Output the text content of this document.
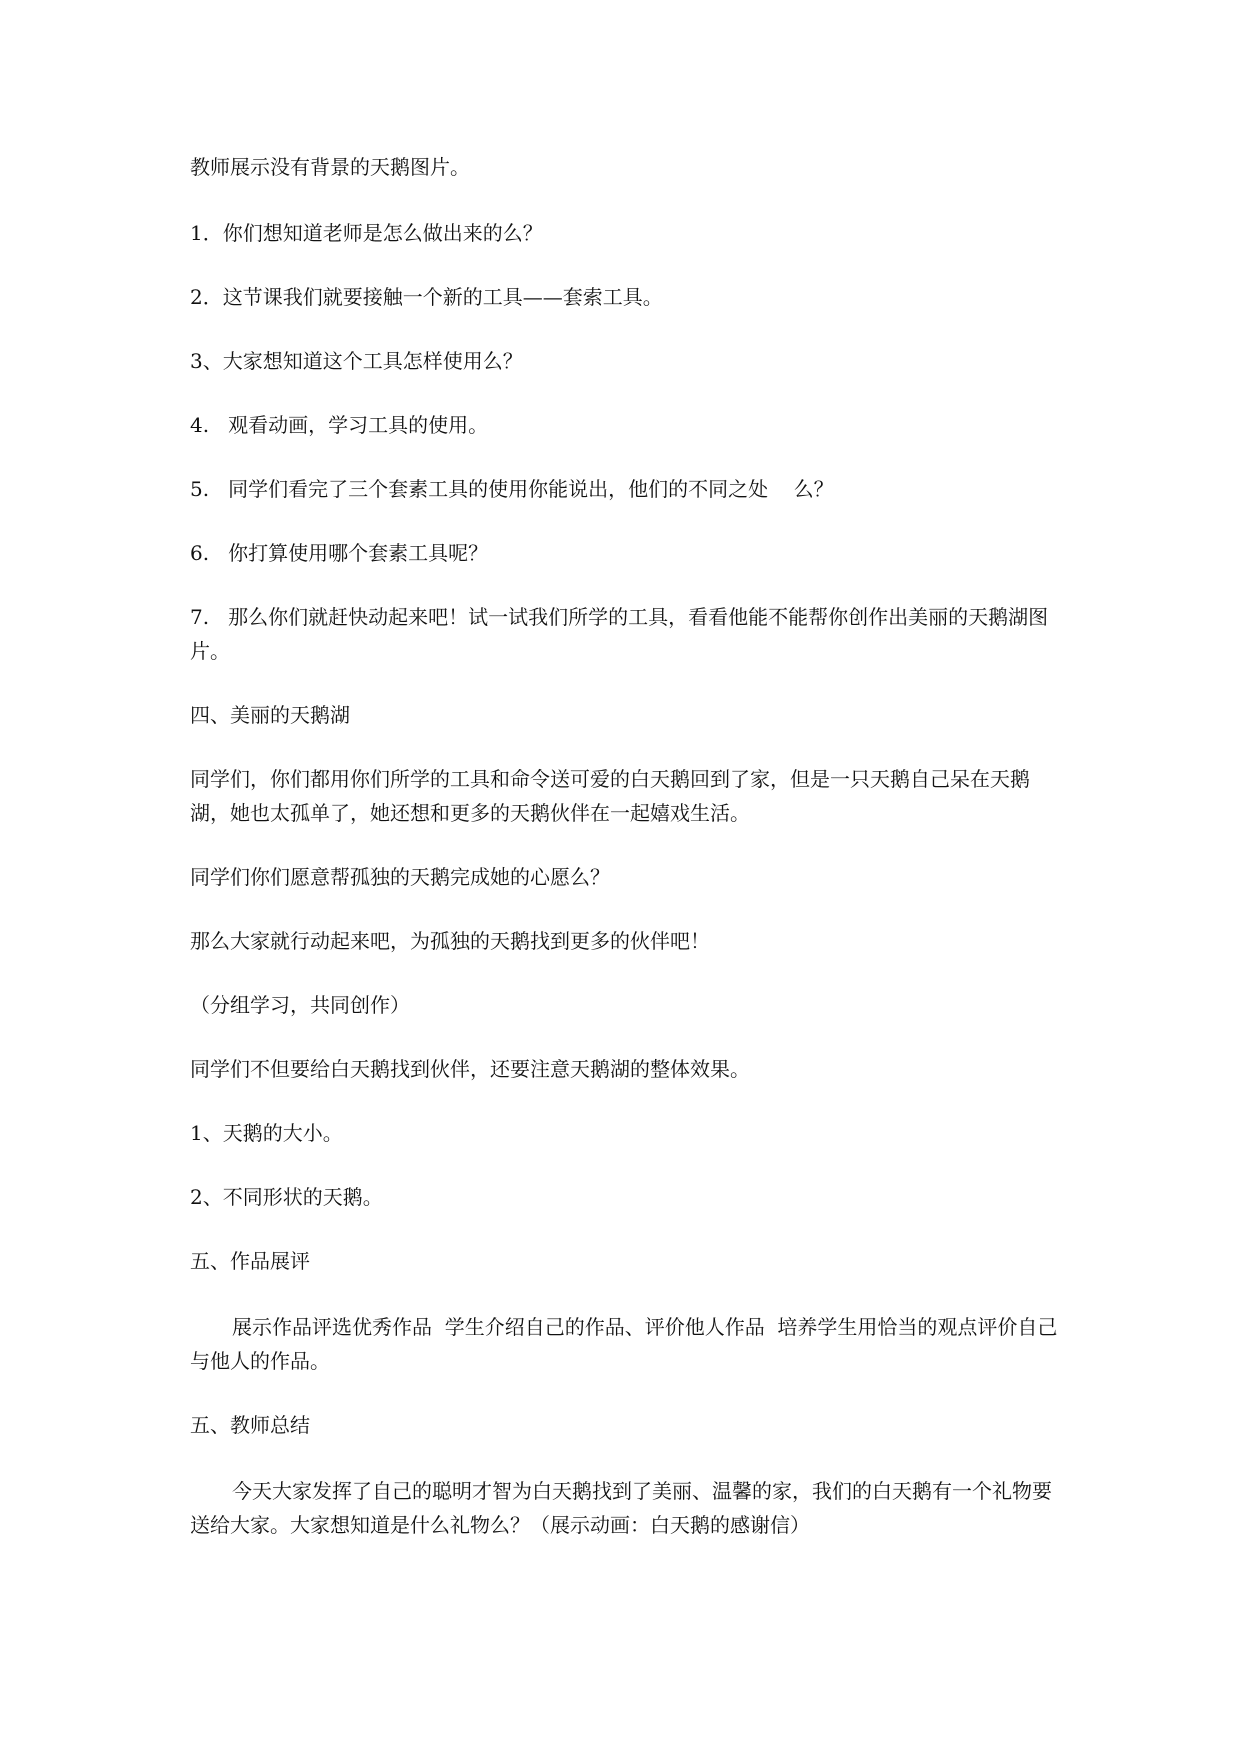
教师展示没有背景的天鹅图片。

1．你们想知道老师是怎么做出来的么？

2．这节课我们就要接触一个新的工具——套索工具。

3、大家想知道这个工具怎样使用么？

4.   观看动画，学习工具的使用。

5.   同学们看完了三个套素工具的使用你能说出，他们的不同之处    么？

6.   你打算使用哪个套素工具呢？

7.   那么你们就赶快动起来吧！试一试我们所学的工具，看看他能不能帮你创作出美丽的天鹅湖图片。

四、美丽的天鹅湖

同学们，你们都用你们所学的工具和命令送可爱的白天鹅回到了家，但是一只天鹅自己呆在天鹅湖，她也太孤单了，她还想和更多的天鹅伙伴在一起嬉戏生活。

同学们你们愿意帮孤独的天鹅完成她的心愿么？

那么大家就行动起来吧，为孤独的天鹅找到更多的伙伴吧！

（分组学习，共同创作）

同学们不但要给白天鹅找到伙伴，还要注意天鹅湖的整体效果。

1、天鹅的大小。

2、不同形状的天鹅。

五、作品展评

展示作品评选优秀作品  学生介绍自己的作品、评价他人作品  培养学生用恰当的观点评价自己与他人的作品。

五、教师总结

今天大家发挥了自己的聪明才智为白天鹅找到了美丽、温馨的家，我们的白天鹅有一个礼物要送给大家。大家想知道是什么礼物么？（展示动画：白天鹅的感谢信）
